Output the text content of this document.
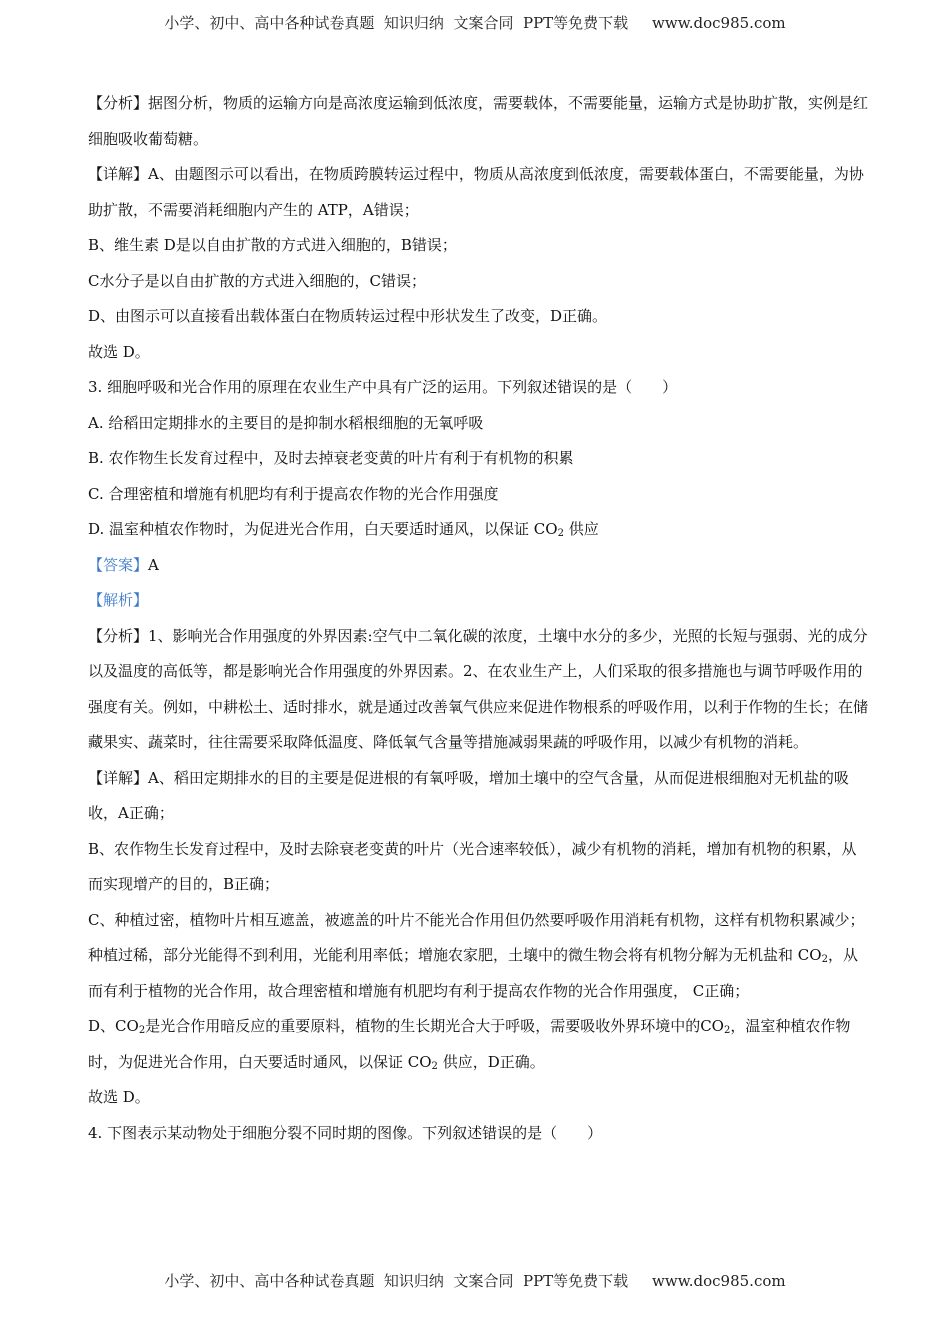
小学、初中、高中各种试卷真题  知识归纳  文案合同  PPT等免费下载     www.doc985.com

【分析】据图分析，物质的运输方向是高浓度运输到低浓度，需要载体，不需要能量，运输方式是协助扩散，实例是红细胞吸收葡萄糖。

【详解】A、由题图示可以看出，在物质跨膜转运过程中，物质从高浓度到低浓度，需要载体蛋白，不需要能量，为协助扩散，不需要消耗细胞内产生的 ATP，A错误；

B、维生素 D是以自由扩散的方式进入细胞的，B错误；

C水分子是以自由扩散的方式进入细胞的，C错误；

D、由图示可以直接看出载体蛋白在物质转运过程中形状发生了改变，D正确。

故选 D。

3. 细胞呼吸和光合作用的原理在农业生产中具有广泛的运用。下列叙述错误的是（　　）

A. 给稻田定期排水的主要目的是抑制水稻根细胞的无氧呼吸

B. 农作物生长发育过程中，及时去掉衰老变黄的叶片有利于有机物的积累

C. 合理密植和增施有机肥均有利于提高农作物的光合作用强度

D. 温室种植农作物时，为促进光合作用，白天要适时通风，以保证 $CO_2$ 供应

【答案】A

【解析】

【分析】1、影响光合作用强度的外界因素:空气中二氧化碳的浓度，土壤中水分的多少，光照的长短与强弱、光的成分以及温度的高低等，都是影响光合作用强度的外界因素。2、在农业生产上，人们采取的很多措施也与调节呼吸作用的强度有关。例如，中耕松土、适时排水，就是通过改善氧气供应来促进作物根系的呼吸作用，以利于作物的生长；在储藏果实、蔬菜时，往往需要采取降低温度、降低氧气含量等措施减弱果蔬的呼吸作用，以减少有机物的消耗。

【详解】A、稻田定期排水的目的主要是促进根的有氧呼吸，增加土壤中的空气含量，从而促进根细胞对无机盐的吸收，A正确；

B、农作物生长发育过程中，及时去除衰老变黄的叶片（光合速率较低），减少有机物的消耗，增加有机物的积累，从而实现增产的目的，B正确；

C、种植过密，植物叶片相互遮盖，被遮盖的叶片不能光合作用但仍然要呼吸作用消耗有机物，这样有机物积累减少；种植过稀，部分光能得不到利用，光能利用率低；增施农家肥，土壤中的微生物会将有机物分解为无机盐和 $CO_2$，从而有利于植物的光合作用，故合理密植和增施有机肥均有利于提高农作物的光合作用强度， C正确；

D、$CO_2$是光合作用暗反应的重要原料，植物的生长期光合大于呼吸，需要吸收外界环境中的$CO_2$，温室种植农作物时，为促进光合作用，白天要适时通风，以保证 $CO_2$ 供应，D正确。

故选 D。

4. 下图表示某动物处于细胞分裂不同时期的图像。下列叙述错误的是（　　）

小学、初中、高中各种试卷真题  知识归纳  文案合同  PPT等免费下载     www.doc985.com
